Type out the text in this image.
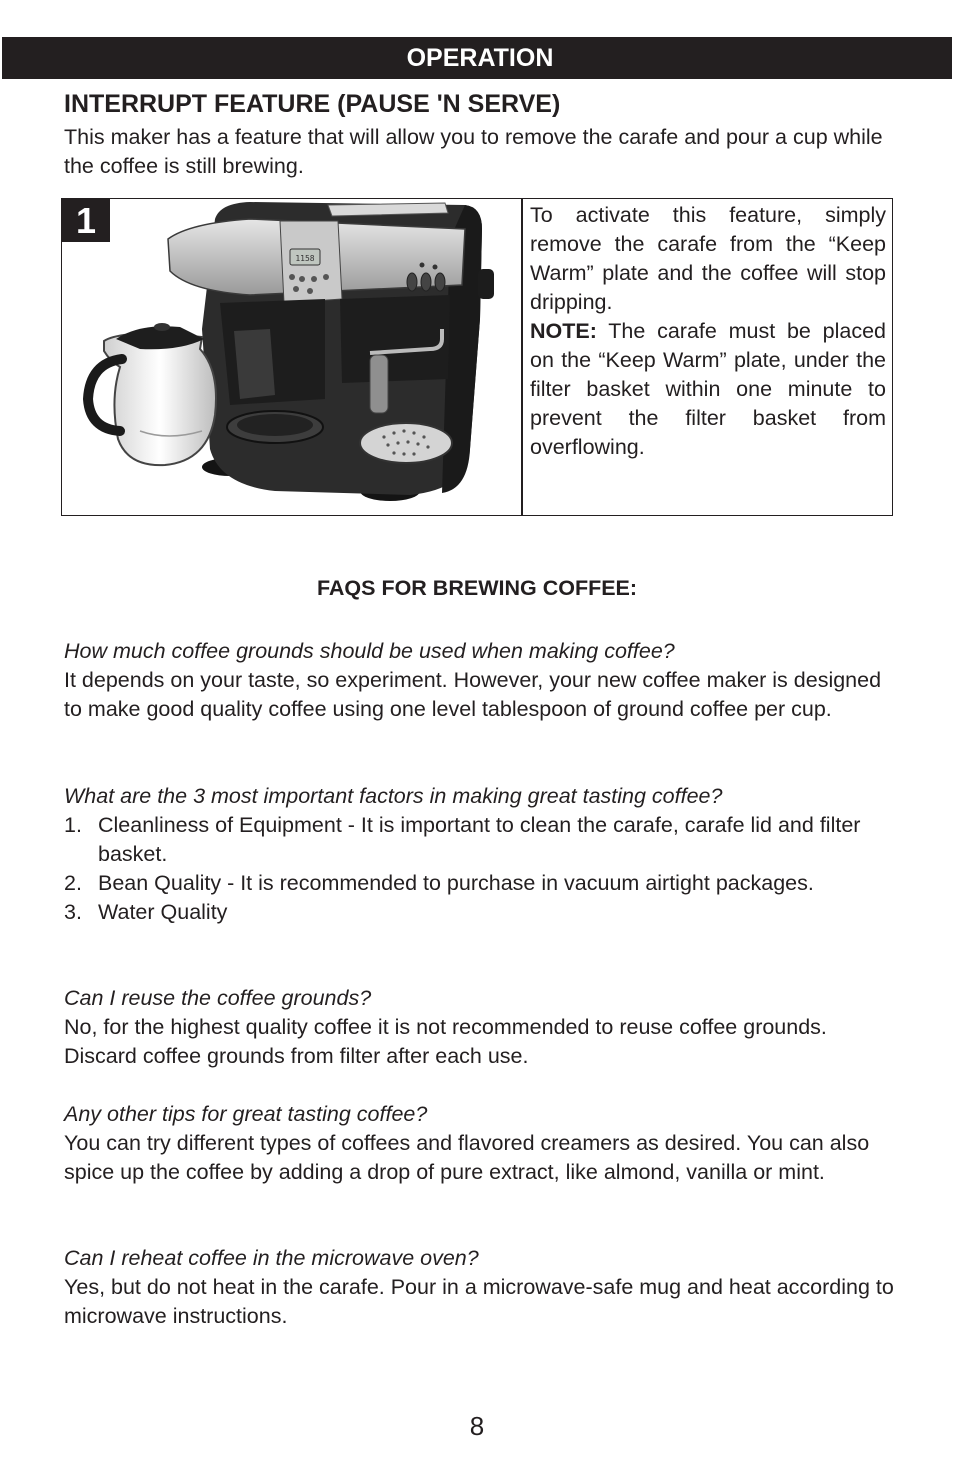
OPERATION
INTERRUPT FEATURE (PAUSE 'N SERVE)
This maker has a feature that will allow you to remove the carafe and pour a cup while the coffee is still brewing.
1
1158
To activate this feature, simply remove the carafe from the “Keep Warm” plate and the coffee will stop dripping.
NOTE: The carafe must be placed on the “Keep Warm” plate, under the filter basket within one minute to prevent the filter basket from overflowing.
FAQS FOR BREWING COFFEE:
How much coffee grounds should be used when making coffee?
It depends on your taste, so experiment. However, your new coffee maker is designed to make good quality coffee using one level tablespoon of ground coffee per cup.
What are the 3 most important factors in making great tasting coffee?
1. Cleanliness of Equipment - It is important to clean the carafe, carafe lid and filter basket.
2. Bean Quality - It is recommended to purchase in vacuum airtight packages.
3. Water Quality
Can I reuse the coffee grounds?
No, for the highest quality coffee it is not recommended to reuse coffee grounds. Discard coffee grounds from filter after each use.
Any other tips for great tasting coffee?
You can try different types of coffees and flavored creamers as desired. You can also spice up the coffee by adding a drop of pure extract, like almond, vanilla or mint.
Can I reheat coffee in the microwave oven?
Yes, but do not heat in the carafe. Pour in a microwave-safe mug and heat according to microwave instructions.
8
